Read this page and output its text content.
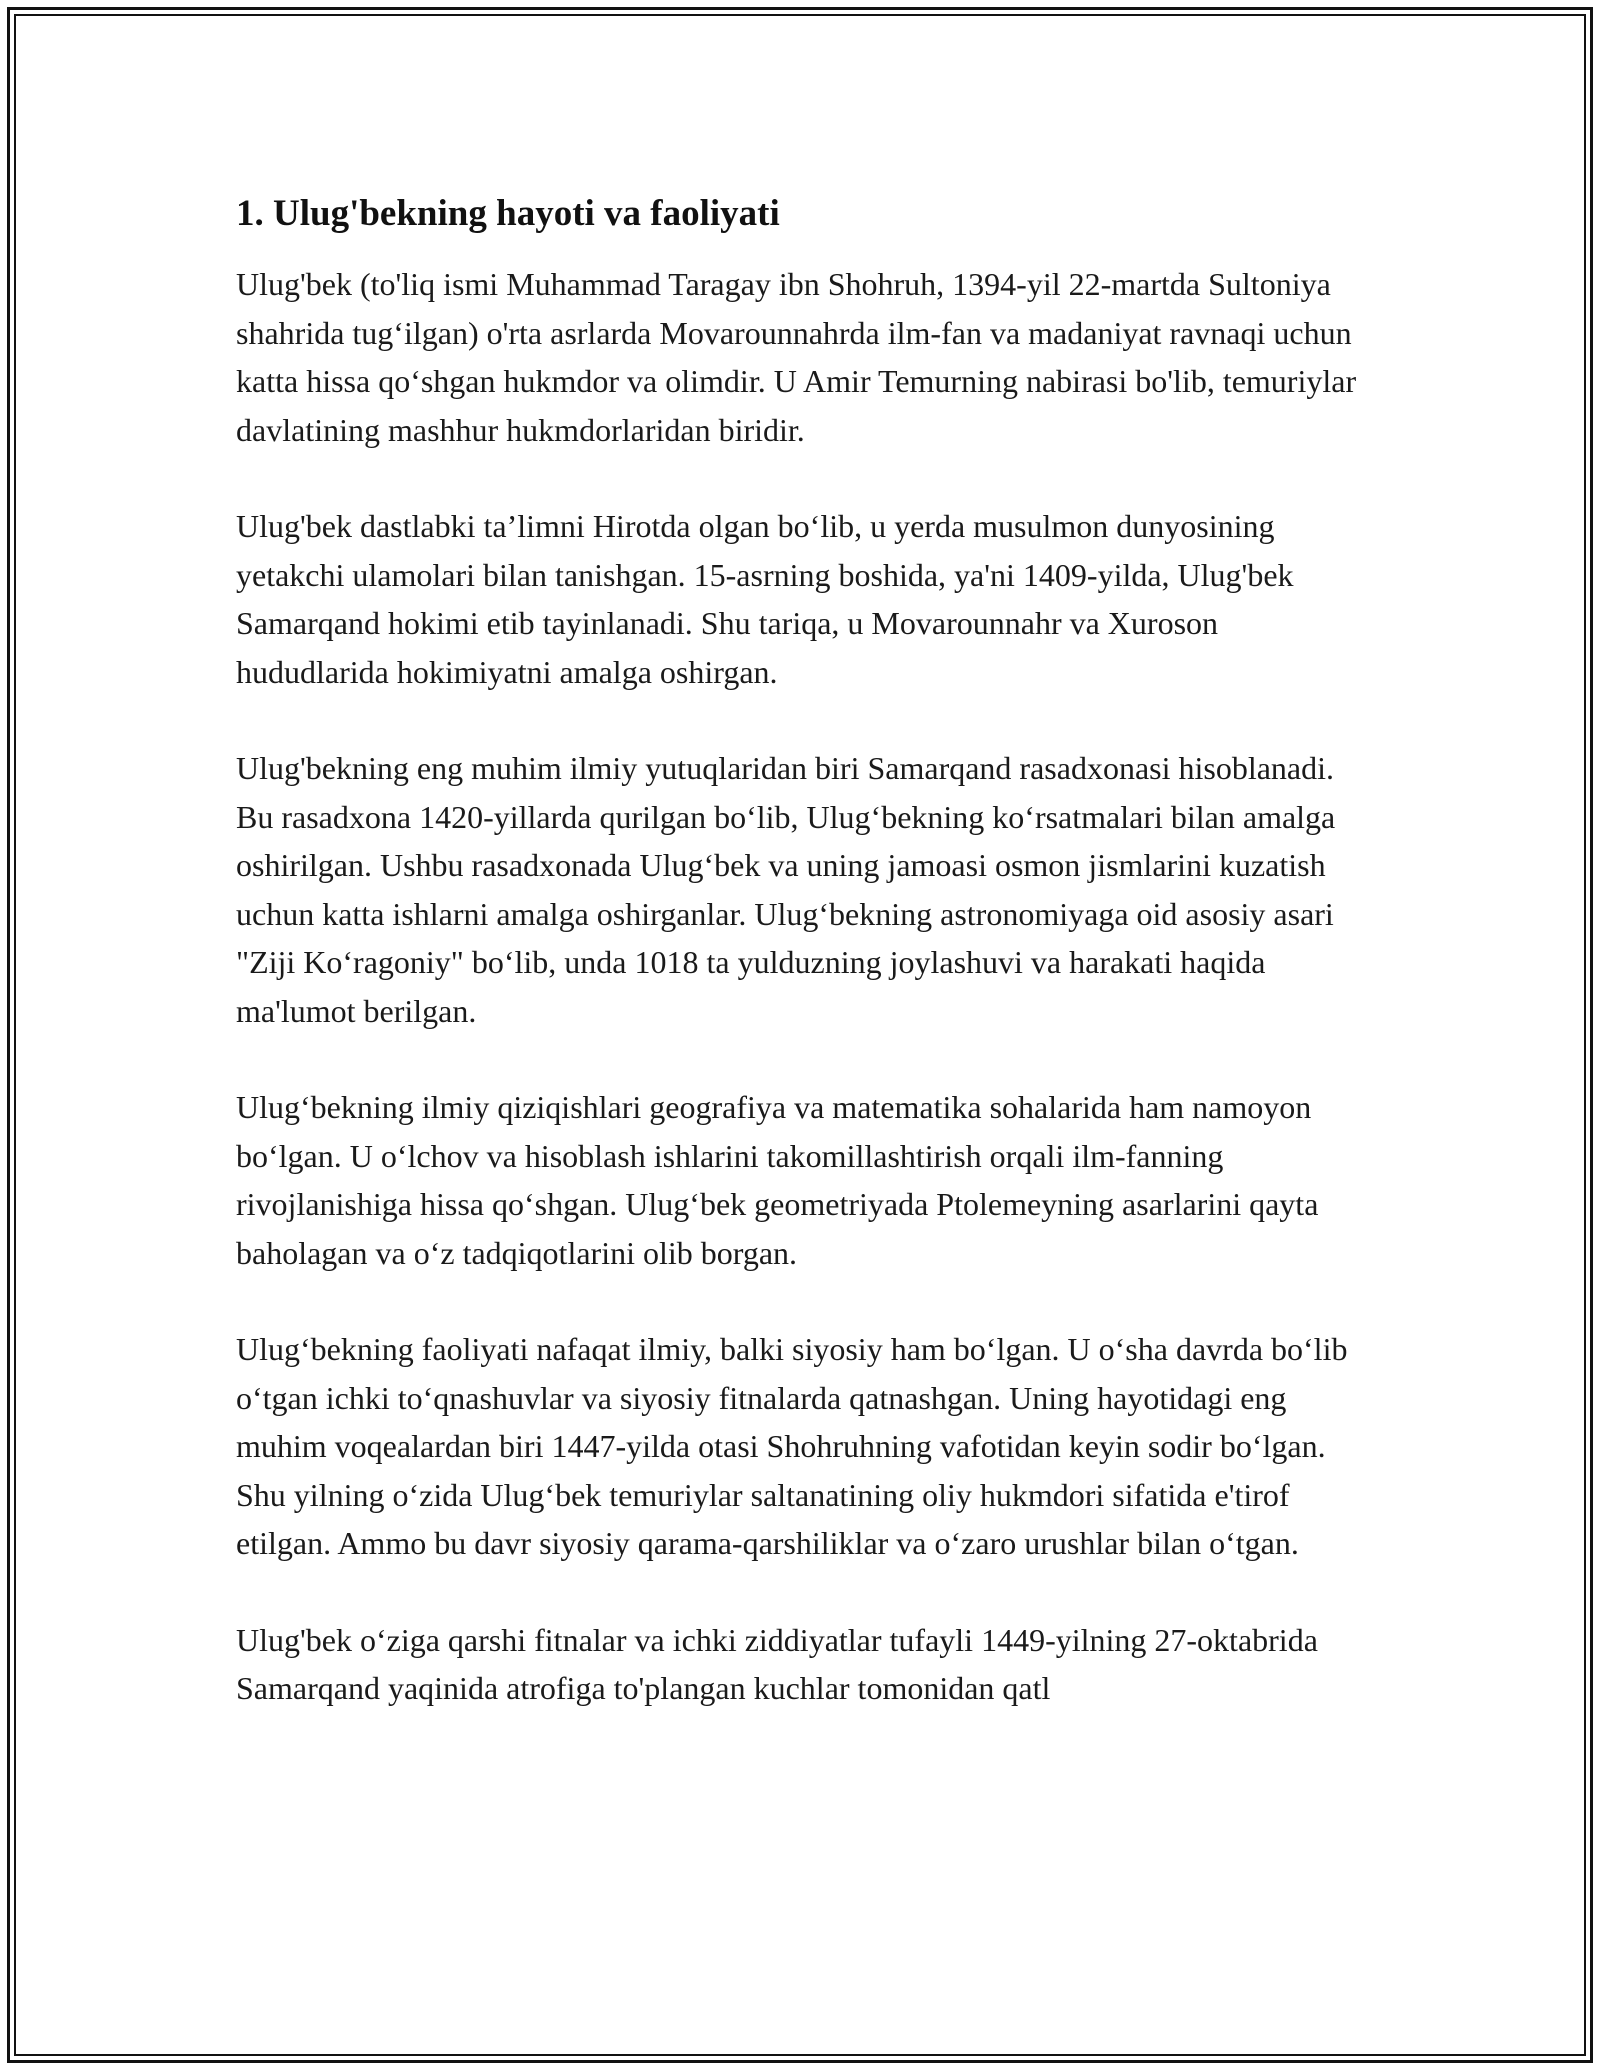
1. Ulug'bekning hayoti va faoliyati

Ulug'bek (to'liq ismi Muhammad Taragay ibn Shohruh, 1394-yil 22-martda Sultoniya shahrida tug‘ilgan) o'rta asrlarda Movarounnahrda ilm-fan va madaniyat ravnaqi uchun katta hissa qo‘shgan hukmdor va olimdir. U Amir Temurning nabirasi bo'lib, temuriylar davlatining mashhur hukmdorlaridan biridir.

Ulug'bek dastlabki ta’limni Hirotda olgan bo‘lib, u yerda musulmon dunyosining yetakchi ulamolari bilan tanishgan. 15-asrning boshida, ya'ni 1409-yilda, Ulug'bek Samarqand hokimi etib tayinlanadi. Shu tariqa, u Movarounnahr va Xuroson hududlarida hokimiyatni amalga oshirgan.

Ulug'bekning eng muhim ilmiy yutuqlaridan biri Samarqand rasadxonasi hisoblanadi. Bu rasadxona 1420-yillarda qurilgan bo‘lib, Ulug‘bekning ko‘rsatmalari bilan amalga oshirilgan. Ushbu rasadxonada Ulug‘bek va uning jamoasi osmon jismlarini kuzatish uchun katta ishlarni amalga oshirganlar. Ulug‘bekning astronomiyaga oid asosiy asari "Ziji Ko‘ragoniy" bo‘lib, unda 1018 ta yulduzning joylashuvi va harakati haqida ma'lumot berilgan.

Ulug‘bekning ilmiy qiziqishlari geografiya va matematika sohalarida ham namoyon bo‘lgan. U o‘lchov va hisoblash ishlarini takomillashtirish orqali ilm-fanning rivojlanishiga hissa qo‘shgan. Ulug‘bek geometriyada Ptolemeyning asarlarini qayta baholagan va o‘z tadqiqotlarini olib borgan.

Ulug‘bekning faoliyati nafaqat ilmiy, balki siyosiy ham bo‘lgan. U o‘sha davrda bo‘lib o‘tgan ichki to‘qnashuvlar va siyosiy fitnalarda qatnashgan. Uning hayotidagi eng muhim voqealardan biri 1447-yilda otasi Shohruhning vafotidan keyin sodir bo‘lgan. Shu yilning o‘zida Ulug‘bek temuriylar saltanatining oliy hukmdori sifatida e'tirof etilgan. Ammo bu davr siyosiy qarama-qarshiliklar va o‘zaro urushlar bilan o‘tgan.

Ulug'bek o‘ziga qarshi fitnalar va ichki ziddiyatlar tufayli 1449-yilning 27-oktabrida Samarqand yaqinida atrofiga to'plangan kuchlar tomonidan qatl
